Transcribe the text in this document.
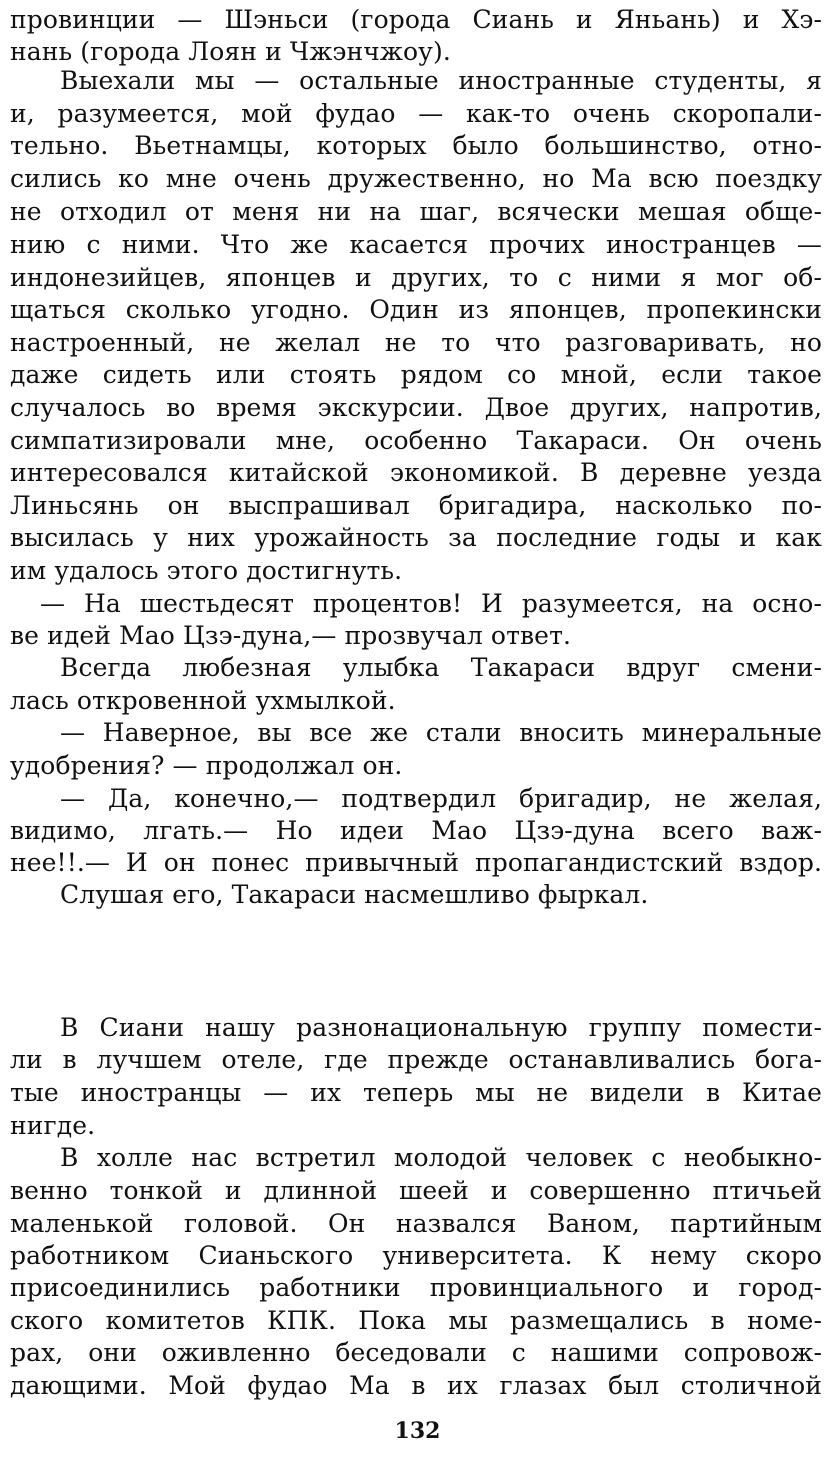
провинции — Шэньси (города Сиань и Яньань) и Хэ-
нань (города Лоян и Чжэнчжоу).
Выехали мы — остальные иностранные студенты, я
и, разумеется, мой фудао — как-то очень скоропали-
тельно. Вьетнамцы, которых было большинство, отно-
сились ко мне очень дружественно, но Ма всю поездку
не отходил от меня ни на шаг, всячески мешая обще-
нию с ними. Что же касается прочих иностранцев —
индонезийцев, японцев и других, то с ними я мог об-
щаться сколько угодно. Один из японцев, пропекински
настроенный, не желал не то что разговаривать, но
даже сидеть или стоять рядом со мной, если такое
случалось во время экскурсии. Двое других, напротив,
симпатизировали мне, особенно Такараси. Он очень
интересовался китайской экономикой. В деревне уезда
Линьсянь он выспрашивал бригадира, насколько по-
высилась у них урожайность за последние годы и как
им удалось этого достигнуть.
— На шестьдесят процентов! И разумеется, на осно-
ве идей Мао Цзэ-дуна,— прозвучал ответ.
Всегда любезная улыбка Такараси вдруг смени-
лась откровенной ухмылкой.
— Наверное, вы все же стали вносить минеральные
удобрения? — продолжал он.
— Да, конечно,— подтвердил бригадир, не желая,
видимо, лгать.— Но идеи Мао Цзэ-дуна всего важ-
нее!!.— И он понес привычный пропагандистский вздор.
Слушая его, Такараси насмешливо фыркал.
В Сиани нашу разнонациональную группу помести-
ли в лучшем отеле, где прежде останавливались бога-
тые иностранцы — их теперь мы не видели в Китае
нигде.
В холле нас встретил молодой человек с необыкно-
венно тонкой и длинной шеей и совершенно птичьей
маленькой головой. Он назвался Ваном, партийным
работником Сианьского университета. К нему скоро
присоединились работники провинциального и город-
ского комитетов КПК. Пока мы размещались в номе-
рах, они оживленно беседовали с нашими сопровож-
дающими. Мой фудао Ма в их глазах был столичной
132
